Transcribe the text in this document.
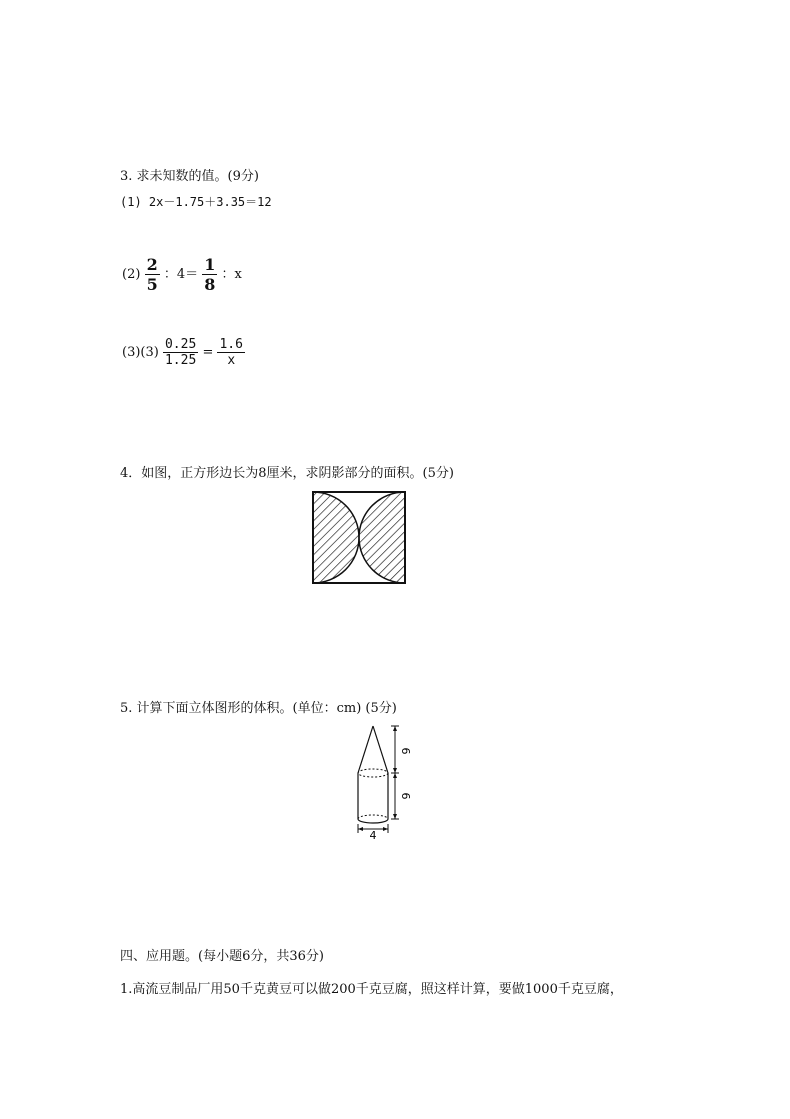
3. 求未知数的值。(9分)
(1) 2x－1.75＋3.35＝12
$(2) \frac{2}{5}$ ：$4= \frac{1}{8}$ ：x
$(3)(3) \frac{0.25}{1.25} = \frac{1.6}{x}$
4．如图，正方形边长为8厘米，求阴影部分的面积。(5分)
5. 计算下面立体图形的体积。(单位：cm) (5分)
6
6
4
四、应用题。(每小题6分，共36分)
1.高流豆制品厂用50千克黄豆可以做200千克豆腐，照这样计算，要做1000千克豆腐，
